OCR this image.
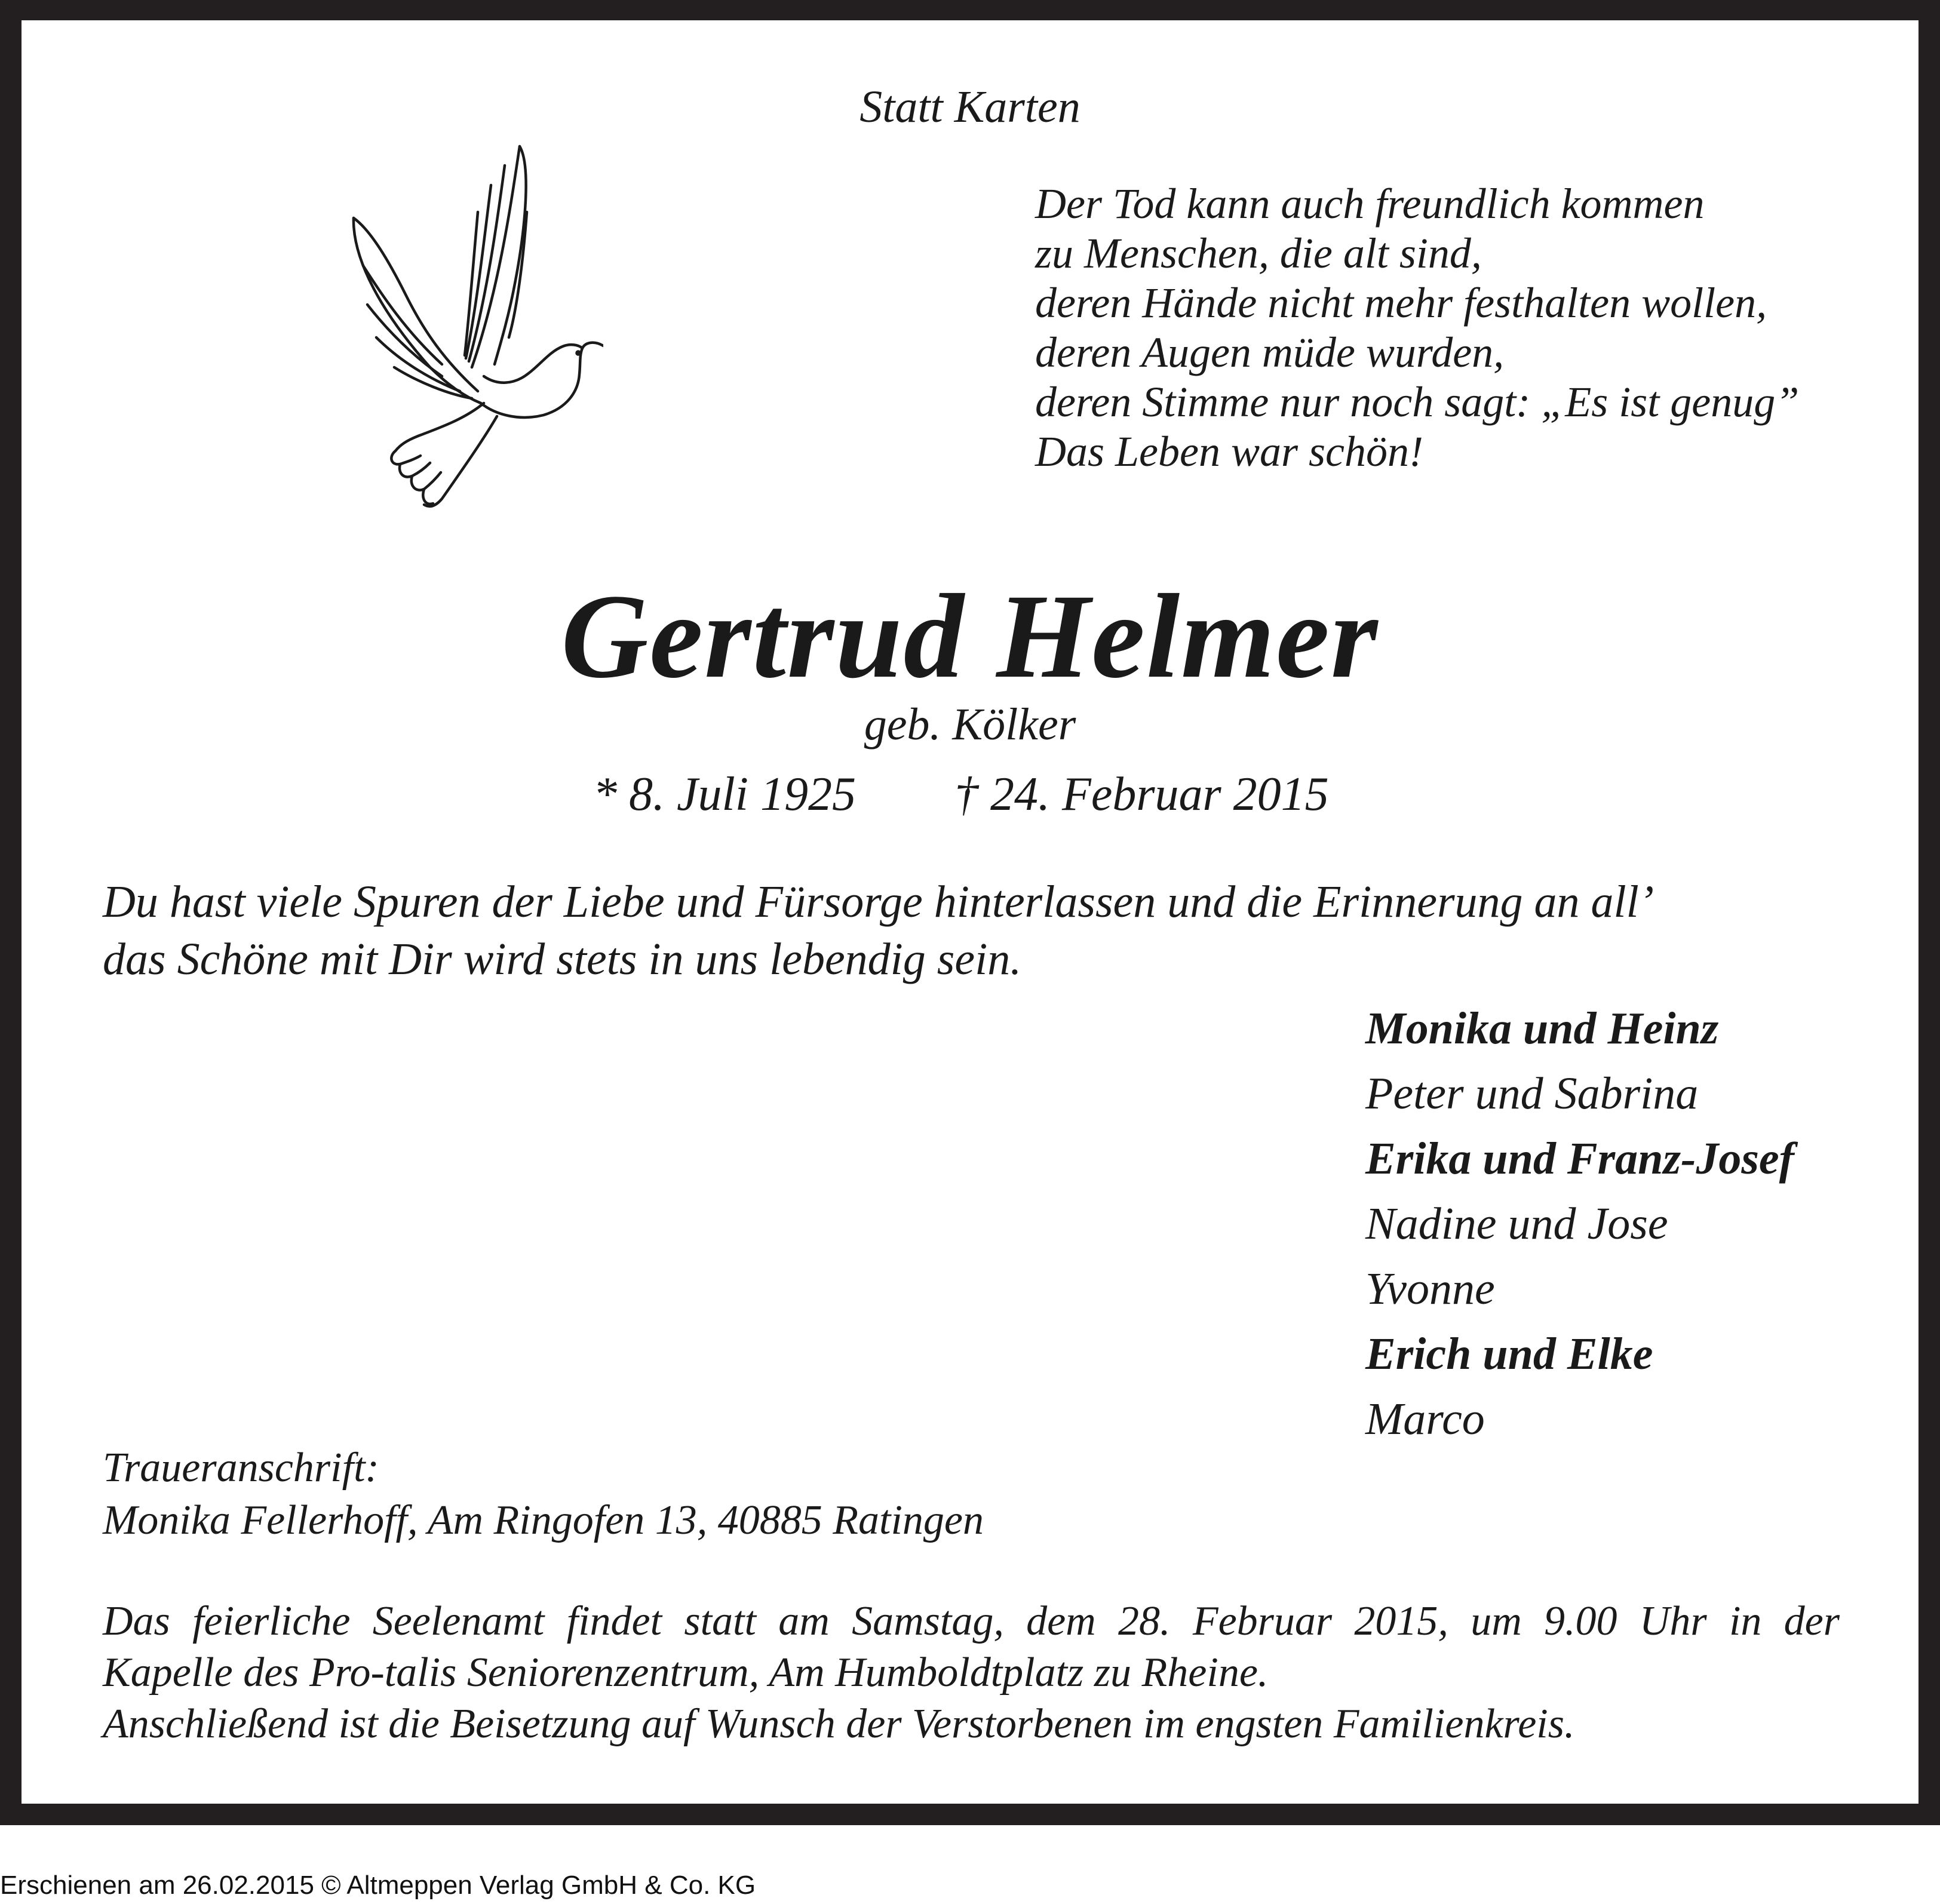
Statt Karten
Der Tod kann auch freundlich kommen
zu Menschen, die alt sind,
deren Hände nicht mehr festhalten wollen,
deren Augen müde wurden,
deren Stimme nur noch sagt: „Es ist genug”
Das Leben war schön!
Gertrud Helmer
geb. Kölker
* 8. Juli 1925 † 24. Februar 2015
Du hast viele Spuren der Liebe und Fürsorge hinterlassen und die Erinnerung an all’
das Schöne mit Dir wird stets in uns lebendig sein.
Monika und Heinz
Peter und Sabrina
Erika und Franz-Josef
Nadine und Jose
Yvonne
Erich und Elke
Marco
Traueranschrift:
Monika Fellerhoff, Am Ringofen 13, 40885 Ratingen
Das feierliche Seelenamt findet statt am Samstag, dem 28. Februar 2015, um 9.00 Uhr in der
Kapelle des Pro-talis Seniorenzentrum, Am Humboldtplatz zu Rheine.
Anschließend ist die Beisetzung auf Wunsch der Verstorbenen im engsten Familienkreis.
Erschienen am 26.02.2015 © Altmeppen Verlag GmbH & Co. KG
